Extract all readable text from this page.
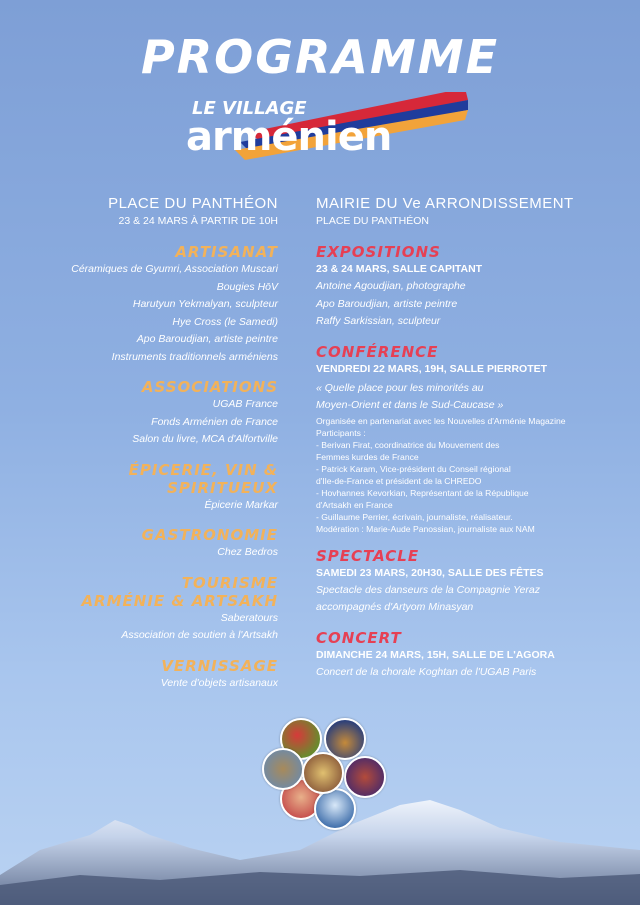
PROGRAMME
LE VILLAGE
arménien
PLACE DU PANTHÉON
23 & 24 MARS À PARTIR DE 10H
ARTISANAT
Céramiques de Gyumri, Association Muscari
Bougies HōV
Harutyun Yekmalyan, sculpteur
Hye Cross (le Samedi)
Apo Baroudjian, artiste peintre
Instruments traditionnels arméniens
ASSOCIATIONS
UGAB France
Fonds Arménien de France
Salon du livre, MCA d'Alfortville
ÉPICERIE, VIN & SPIRITUEUX
Épicerie Markar
GASTRONOMIE
Chez Bedros
TOURISME
ARMÉNIE & ARTSAKH
Saberatours
Association de soutien à l'Artsakh
VERNISSAGE
Vente d'objets artisanaux
MAIRIE DU Ve ARRONDISSEMENT
PLACE DU PANTHÉON
EXPOSITIONS
23 & 24 MARS, SALLE CAPITANT
Antoine Agoudjian, photographe
Apo Baroudjian, artiste peintre
Raffy Sarkissian, sculpteur
CONFÉRENCE
VENDREDI 22 MARS, 19H, SALLE PIERROTET
« Quelle place pour les minorités au
Moyen-Orient et dans le Sud-Caucase »
Organisée en partenariat avec les Nouvelles d'Arménie Magazine
Participants :
- Berivan Firat, coordinatrice du Mouvement des
Femmes kurdes de France
- Patrick Karam, Vice-président du Conseil régional
d'Ile-de-France et président de la CHREDO
- Hovhannes Kevorkian, Représentant de la République
d'Artsakh en France
- Guillaume Perrier, écrivain, journaliste, réalisateur.
Modération : Marie-Aude Panossian, journaliste aux NAM
SPECTACLE
SAMEDI 23 MARS, 20H30, SALLE DES FÊTES
Spectacle des danseurs de la Compagnie Yeraz
accompagnés d'Artyom Minasyan
CONCERT
DIMANCHE 24 MARS, 15H, SALLE DE L'AGORA
Concert de la chorale Koghtan de l'UGAB Paris
